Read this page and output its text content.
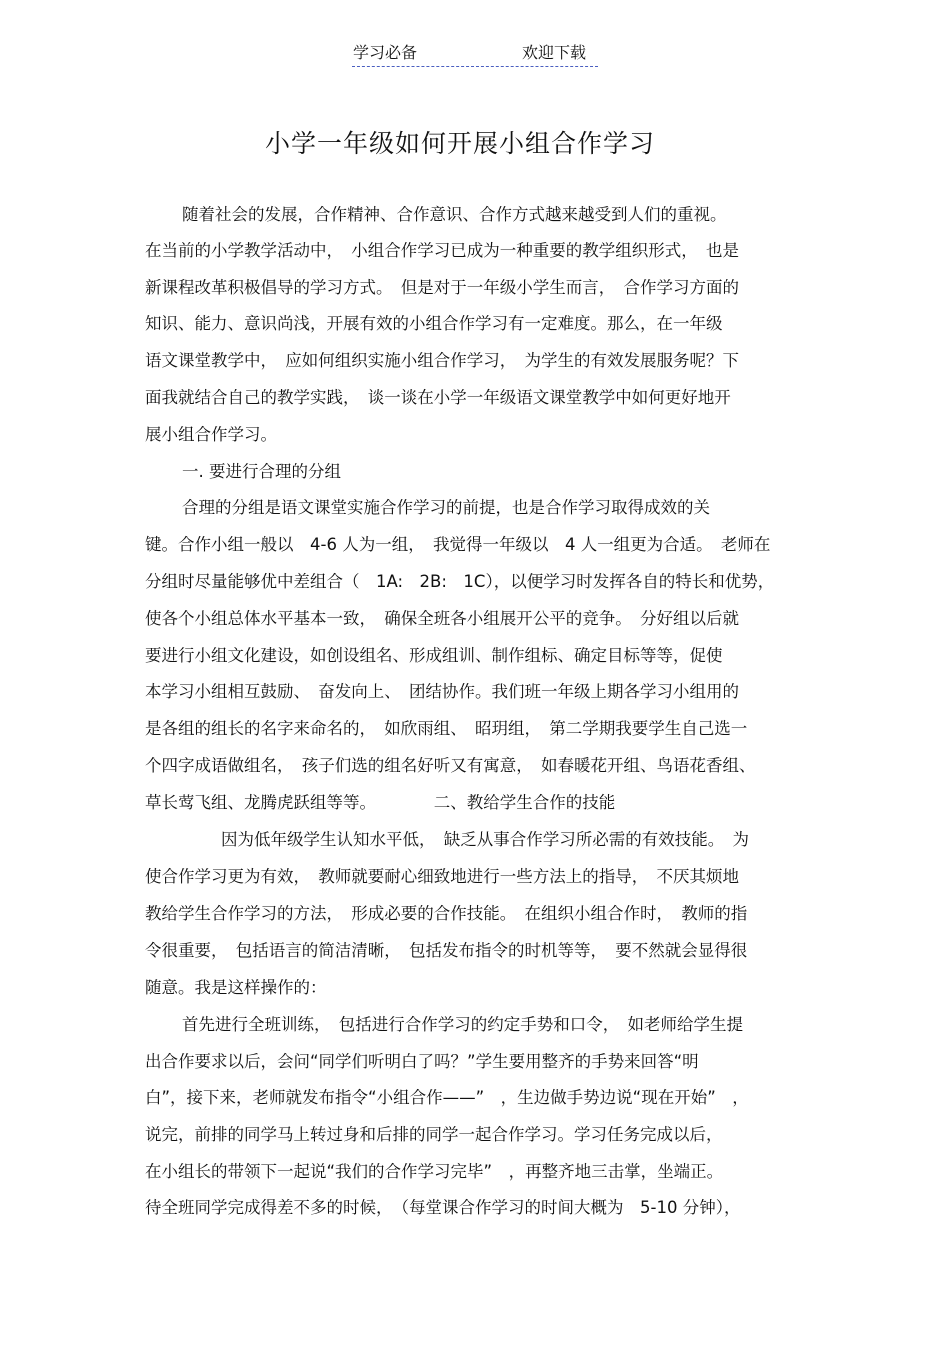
学习必备	欢迎下载
小学一年级如何开展小组合作学习
随着社会的发展，合作精神、合作意识、合作方式越来越受到人们的重视。
在当前的小学教学活动中，　小组合作学习已成为一种重要的教学组织形式，　也是
新课程改革积极倡导的学习方式。　但是对于一年级小学生而言，　合作学习方面的
知识、能力、意识尚浅，开展有效的小组合作学习有一定难度。那么，在一年级
语文课堂教学中，　应如何组织实施小组合作学习，　为学生的有效发展服务呢？下
面我就结合自己的教学实践，　谈一谈在小学一年级语文课堂教学中如何更好地开
展小组合作学习。
一. 要进行合理的分组
合理的分组是语文课堂实施合作学习的前提，也是合作学习取得成效的关
键。合作小组一般以　4-6 人为一组，　我觉得一年级以　4 人一组更为合适。　老师在
分组时尽量能够优中差组合（　1A:　2B:　1C），以便学习时发挥各自的特长和优势，
使各个小组总体水平基本一致，　确保全班各小组展开公平的竞争。　分好组以后就
要进行小组文化建设，如创设组名、形成组训、制作组标、确定目标等等，促使
本学习小组相互鼓励、　奋发向上、　团结协作。我们班一年级上期各学习小组用的
是各组的组长的名字来命名的，　如欣雨组、　昭玥组，　第二学期我要学生自己选一
个四字成语做组名，　孩子们选的组名好听又有寓意，　如春暖花开组、鸟语花香组、
草长莺飞组、龙腾虎跃组等等。　　　　二、教给学生合作的技能
因为低年级学生认知水平低，　缺乏从事合作学习所必需的有效技能。　为
使合作学习更为有效，　教师就要耐心细致地进行一些方法上的指导，　不厌其烦地
教给学生合作学习的方法，　形成必要的合作技能。　在组织小组合作时，　教师的指
令很重要，　包括语言的简洁清晰，　包括发布指令的时机等等，　要不然就会显得很
随意。我是这样操作的：
首先进行全班训练，　包括进行合作学习的约定手势和口令，　如老师给学生提
出合作要求以后，会问“同学们听明白了吗？”学生要用整齐的手势来回答“明
白”，接下来，老师就发布指令“小组合作——”　，生边做手势边说“现在开始”　，
说完，前排的同学马上转过身和后排的同学一起合作学习。学习任务完成以后，
在小组长的带领下一起说“我们的合作学习完毕”　，再整齐地三击掌，坐端正。
待全班同学完成得差不多的时候，　（每堂课合作学习的时间大概为　5-10 分钟），
